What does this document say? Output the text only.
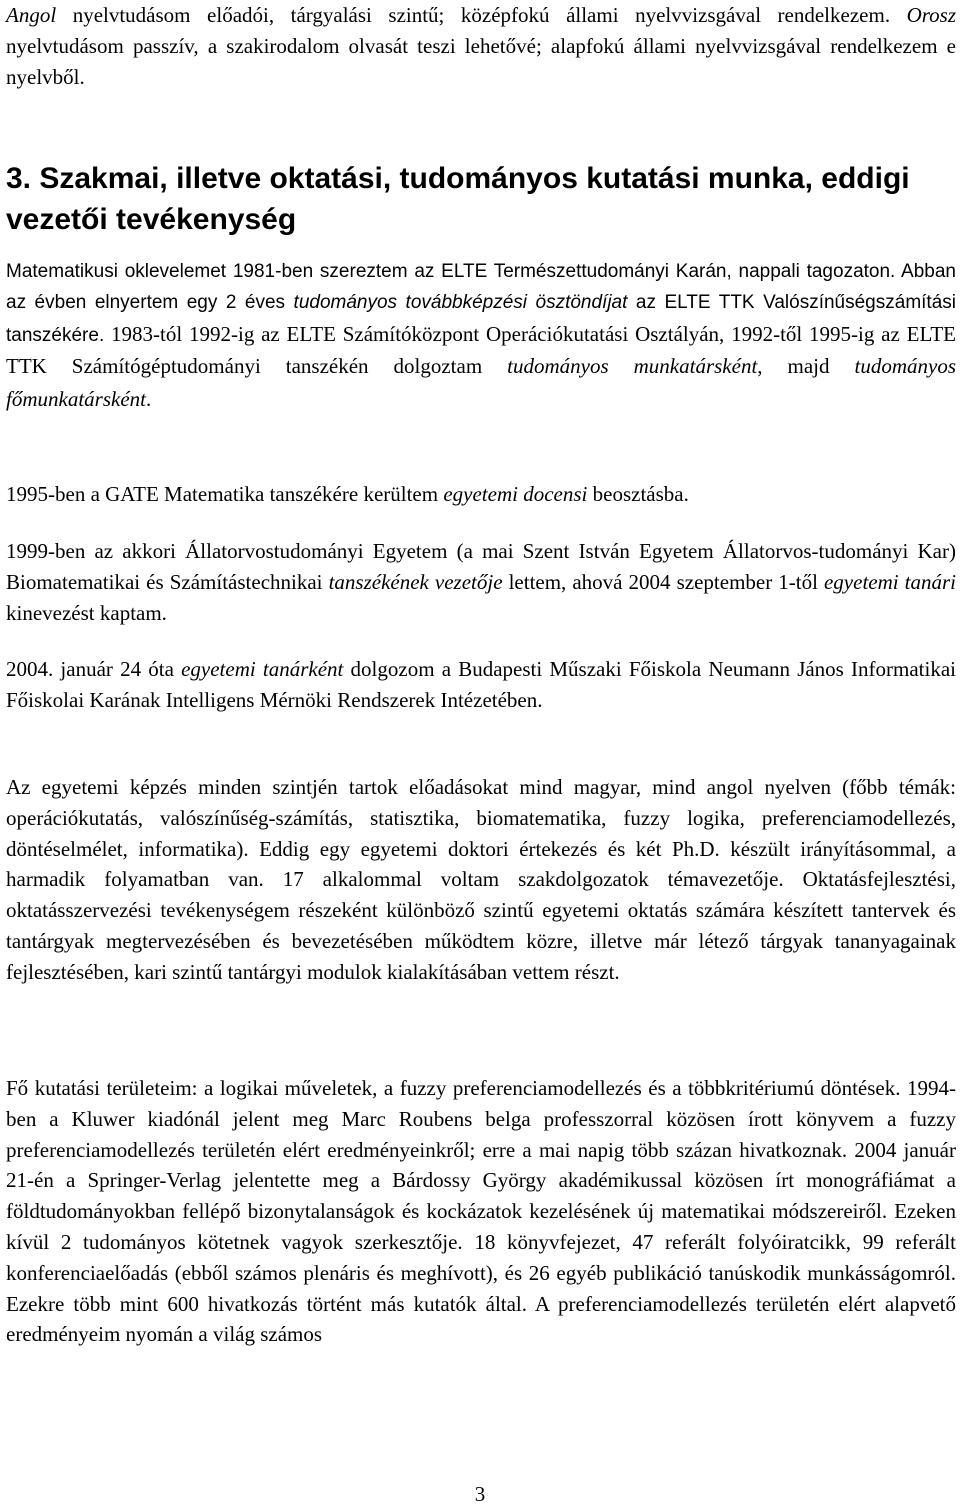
Angol nyelvtudásom előadói, tárgyalási szintű; középfokú állami nyelvvizsgával rendelkezem. Orosz nyelvtudásom passzív, a szakirodalom olvasát teszi lehetővé; alapfokú állami nyelvvizsgával rendelkezem e nyelvből.

3. Szakmai, illetve oktatási, tudományos kutatási munka, eddigi vezetői tevékenység

Matematikusi oklevelemet 1981-ben szereztem az ELTE Természettudományi Karán, nappali tagozaton. Abban az évben elnyertem egy 2 éves tudományos továbbképzési ösztöndíjat az ELTE TTK Valószínűségszámítási tanszékére. 1983-tól 1992-ig az ELTE Számítóközpont Operációkutatási Osztályán, 1992-től 1995-ig az ELTE TTK Számítógéptudományi tanszékén dolgoztam tudományos munkatársként, majd tudományos főmunkatársként.

1995-ben a GATE Matematika tanszékére kerültem egyetemi docensi beosztásba.

1999-ben az akkori Állatorvostudományi Egyetem (a mai Szent István Egyetem Állatorvos-tudományi Kar) Biomatematikai és Számítástechnikai tanszékének vezetője lettem, ahová 2004 szeptember 1-től egyetemi tanári kinevezést kaptam.

2004. január 24 óta egyetemi tanárként dolgozom a Budapesti Műszaki Főiskola Neumann János Informatikai Főiskolai Karának Intelligens Mérnöki Rendszerek Intézetében.

Az egyetemi képzés minden szintjén tartok előadásokat mind magyar, mind angol nyelven (főbb témák: operációkutatás, valószínűség-számítás, statisztika, biomatematika, fuzzy logika, preferenciamodellezés, döntéselmélet, informatika). Eddig egy egyetemi doktori értekezés és két Ph.D. készült irányításommal, a harmadik folyamatban van. 17 alkalommal voltam szakdolgozatok témavezetője. Oktatásfejlesztési, oktatásszervezési tevékenységem részeként különböző szintű egyetemi oktatás számára készített tantervek és tantárgyak megtervezésében és bevezetésében működtem közre, illetve már létező tárgyak tananyagainak fejlesztésében, kari szintű tantárgyi modulok kialakításában vettem részt.

Fő kutatási területeim: a logikai műveletek, a fuzzy preferenciamodellezés és a többkritériumú döntések. 1994-ben a Kluwer kiadónál jelent meg Marc Roubens belga professzorral közösen írott könyvem a fuzzy preferenciamodellezés területén elért eredményeinkről; erre a mai napig több százan hivatkoznak. 2004 január 21-én a Springer-Verlag jelentette meg a Bárdossy György akadémikussal közösen írt monográfiámat a földtudományokban fellépő bizonytalanságok és kockázatok kezelésének új matematikai módszereiről. Ezeken kívül 2 tudományos kötetnek vagyok szerkesztője. 18 könyvfejezet, 47 referált folyóiratcikk, 99 referált konferenciaelőadás (ebből számos plenáris és meghívott), és 26 egyéb publikáció tanúskodik munkásságomról. Ezekre több mint 600 hivatkozás történt más kutatók által. A preferenciamodellezés területén elért alapvető eredményeim nyomán a világ számos

3
